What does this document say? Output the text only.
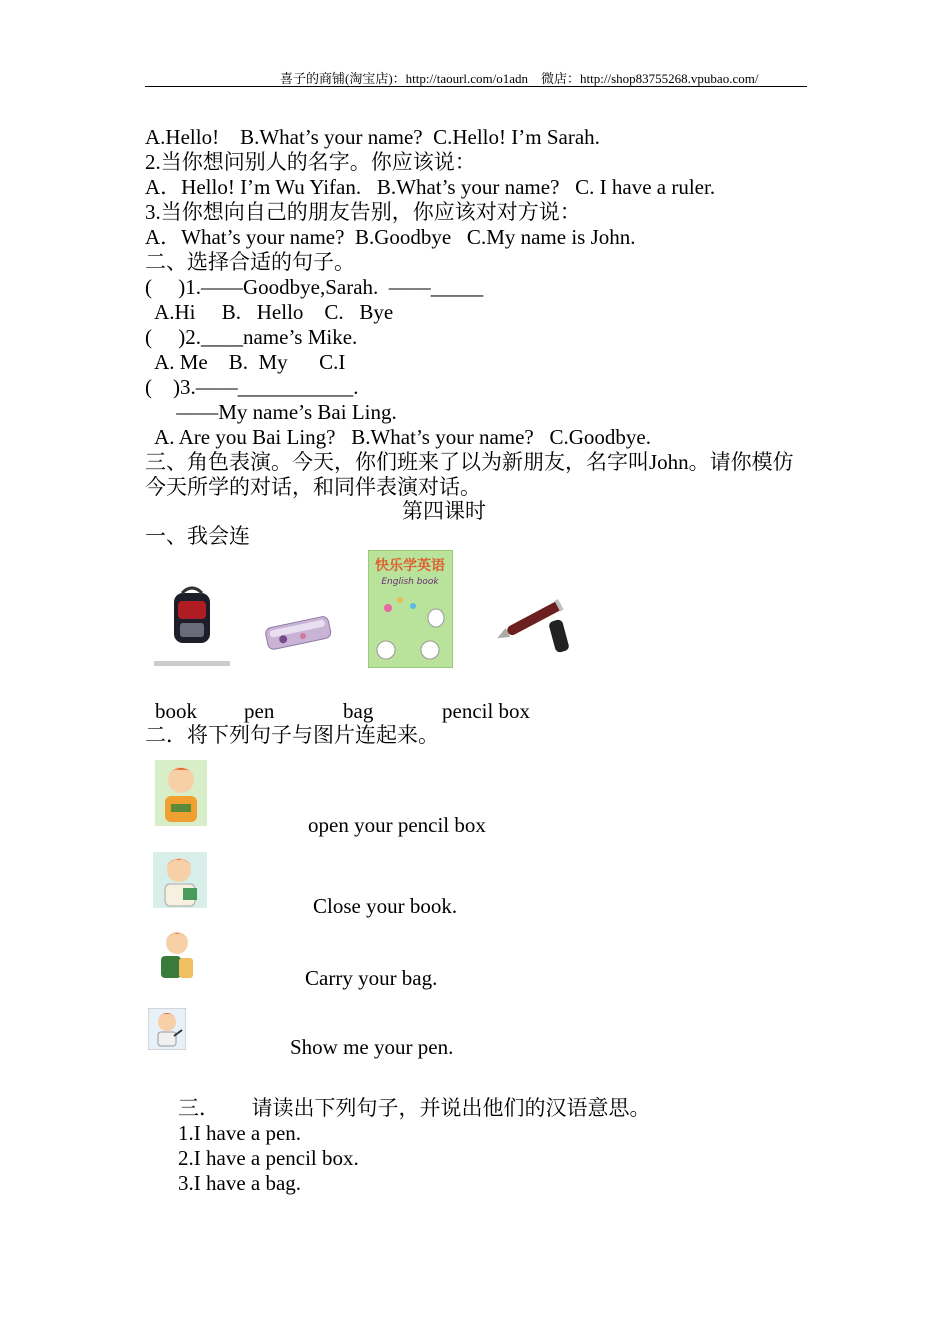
喜子的商铺(淘宝店)：http://taourl.com/o1adn　微店：http://shop83755268.vpubao.com/
A.Hello!    B.What’s your name?  C.Hello! I’m Sarah.
2.当你想问别人的名字。你应该说：
A．Hello! I’m Wu Yifan.   B.What’s your name?   C. I have a ruler.
3.当你想向自己的朋友告别，你应该对对方说：
A．What’s your name?  B.Goodbye   C.My name is John.
二、选择合适的句子。
(     )1.——Goodbye,Sarah.  ——_____
A.Hi     B.   Hello    C.   Bye
(     )2.____name’s Mike.
A. Me    B.  My      C.I
(    )3.——___________.
——My name’s Bai Ling.
A. Are you Bai Ling?   B.What’s your name?   C.Goodbye.
三、角色表演。今天，你们班来了以为新朋友，名字叫John。请你模仿
今天所学的对话，和同伴表演对话。
第四课时
一、我会连
快乐学英语
English book
book pen	bag	pencil box
二．将下列句子与图片连起来。
open your pencil box
Close your book.
Carry your bag.
Show me your pen.
三．      请读出下列句子，并说出他们的汉语意思。
1.I have a pen.
2.I have a pencil box.
3.I have a bag.
